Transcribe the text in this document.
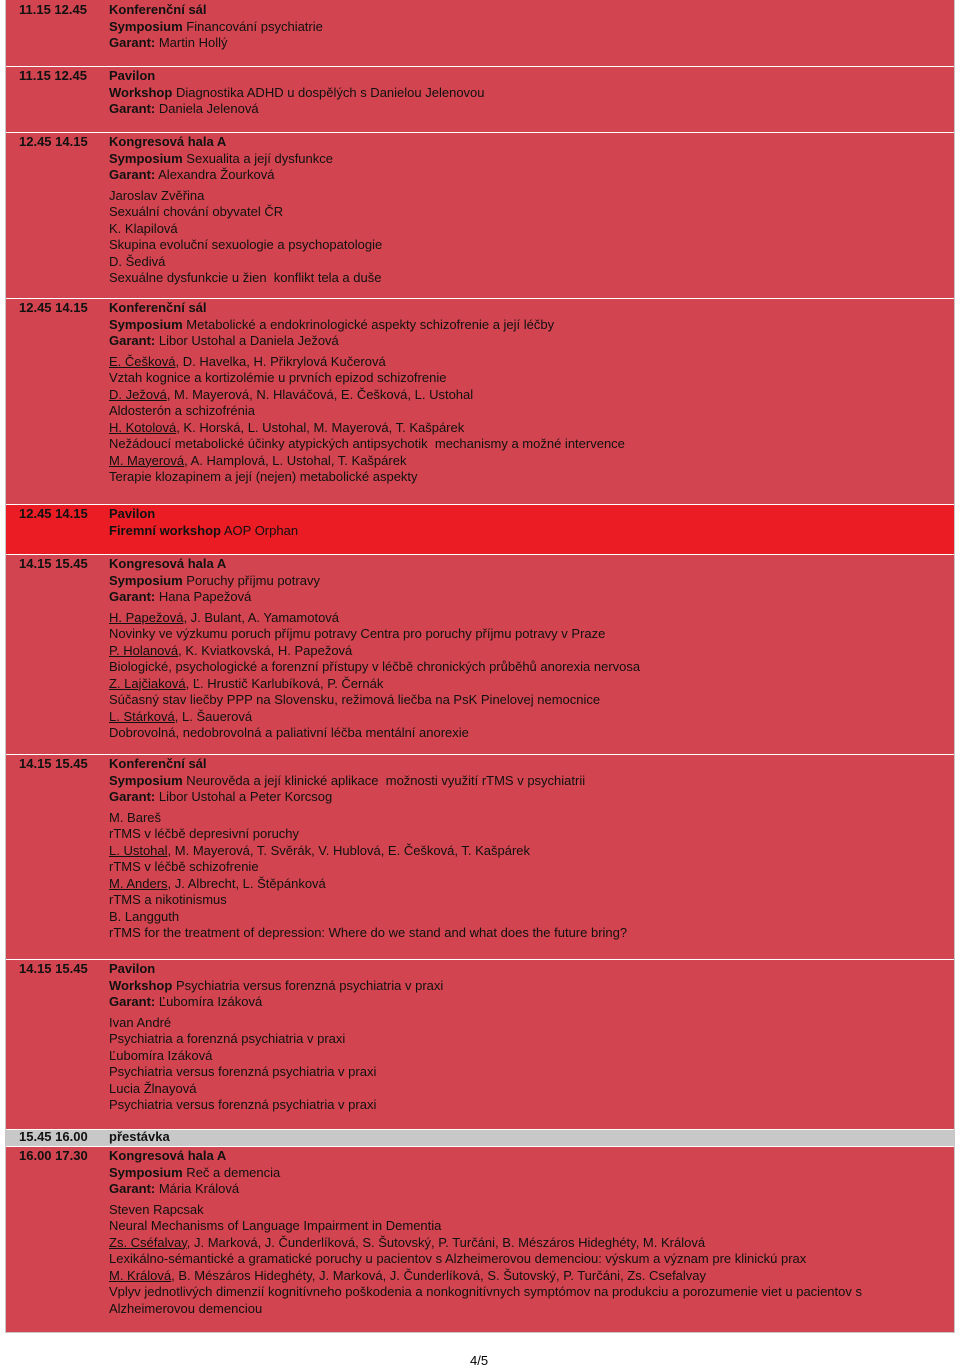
11.15 12.45	Konferenční sál
Symposium Financování psychiatrie
Garant: Martin Hollý
11.15 12.45	Pavilon
Workshop Diagnostika ADHD u dospělých s Danielou Jelenovou
Garant: Daniela Jelenová
12.45 14.15	Kongresová hala A
Symposium Sexualita a její dysfunkce
Garant: Alexandra Žourková
Jaroslav Zvěřina
Sexuální chování obyvatel ČR
K. Klapilová
Skupina evoluční sexuologie a psychopatologie
D. Šedivá
Sexuálne dysfunkcie u žien  konflikt tela a duše
12.45 14.15	Konferenční sál
Symposium Metabolické a endokrinologické aspekty schizofrenie a její léčby
Garant: Libor Ustohal a Daniela Ježová
E. Češková, D. Havelka, H. Přikrylová Kučerová
Vztah kognice a kortizolémie u prvních epizod schizofrenie
D. Ježová, M. Mayerová, N. Hlaváčová, E. Češková, L. Ustohal
Aldosterón a schizofrénia
H. Kotolová, K. Horská, L. Ustohal, M. Mayerová, T. Kašpárek
Nežádoucí metabolické účinky atypických antipsychotik  mechanismy a možné intervence
M. Mayerová, A. Hamplová, L. Ustohal, T. Kašpárek
Terapie klozapinem a její (nejen) metabolické aspekty
12.45 14.15	Pavilon
Firemní workshop AOP Orphan
14.15 15.45	Kongresová hala A
Symposium Poruchy příjmu potravy
Garant: Hana Papežová
H. Papežová, J. Bulant, A. Yamamotová
Novinky ve výzkumu poruch příjmu potravy Centra pro poruchy příjmu potravy v Praze
P. Holanová, K. Kviatkovská, H. Papežová
Biologické, psychologické a forenzní přístupy v léčbě chronických průběhů anorexia nervosa
Z. Lajčiaková, Ľ. Hrustič Karlubíková, P. Černák
Súčasný stav liečby PPP na Slovensku, režimová liečba na PsK Pinelovej nemocnice
L. Stárková, L. Šauerová
Dobrovolná, nedobrovolná a paliativní léčba mentální anorexie
14.15 15.45	Konferenční sál
Symposium Neurověda a její klinické aplikace  možnosti využití rTMS v psychiatrii
Garant: Libor Ustohal a Peter Korcsog
M. Bareš
rTMS v léčbě depresivní poruchy
L. Ustohal, M. Mayerová, T. Svěrák, V. Hublová, E. Češková, T. Kašpárek
rTMS v léčbě schizofrenie
M. Anders, J. Albrecht, L. Štěpánková
rTMS a nikotinismus
B. Langguth
rTMS for the treatment of depression: Where do we stand and what does the future bring?
14.15 15.45	Pavilon
Workshop Psychiatria versus forenzná psychiatria v praxi
Garant: Ľubomíra Izáková
Ivan André
Psychiatria a forenzná psychiatria v praxi
Ľubomíra Izáková
Psychiatria versus forenzná psychiatria v praxi
Lucia Žlnayová
Psychiatria versus forenzná psychiatria v praxi
15.45 16.00	přestávka
16.00 17.30	Kongresová hala A
Symposium Reč a demencia
Garant: Mária Králová
Steven Rapcsak
Neural Mechanisms of Language Impairment in Dementia
Zs. Cséfalvay, J. Marková, J. Čunderlíková, S. Šutovský, P. Turčáni, B. Mészáros Hideghéty, M. Králová
Lexikálno-sémantické a gramatické poruchy u pacientov s Alzheimerovou demenciou: výskum a význam pre klinickú prax
M. Králová, B. Mészáros Hideghéty, J. Marková, J. Čunderlíková, S. Šutovský, P. Turčáni, Zs. Csefalvay
Vplyv jednotlivých dimenzií kognitívneho poškodenia a nonkognitívnych symptómov na produkciu a porozumenie viet u pacientov s
Alzheimerovou demenciou
4/5
